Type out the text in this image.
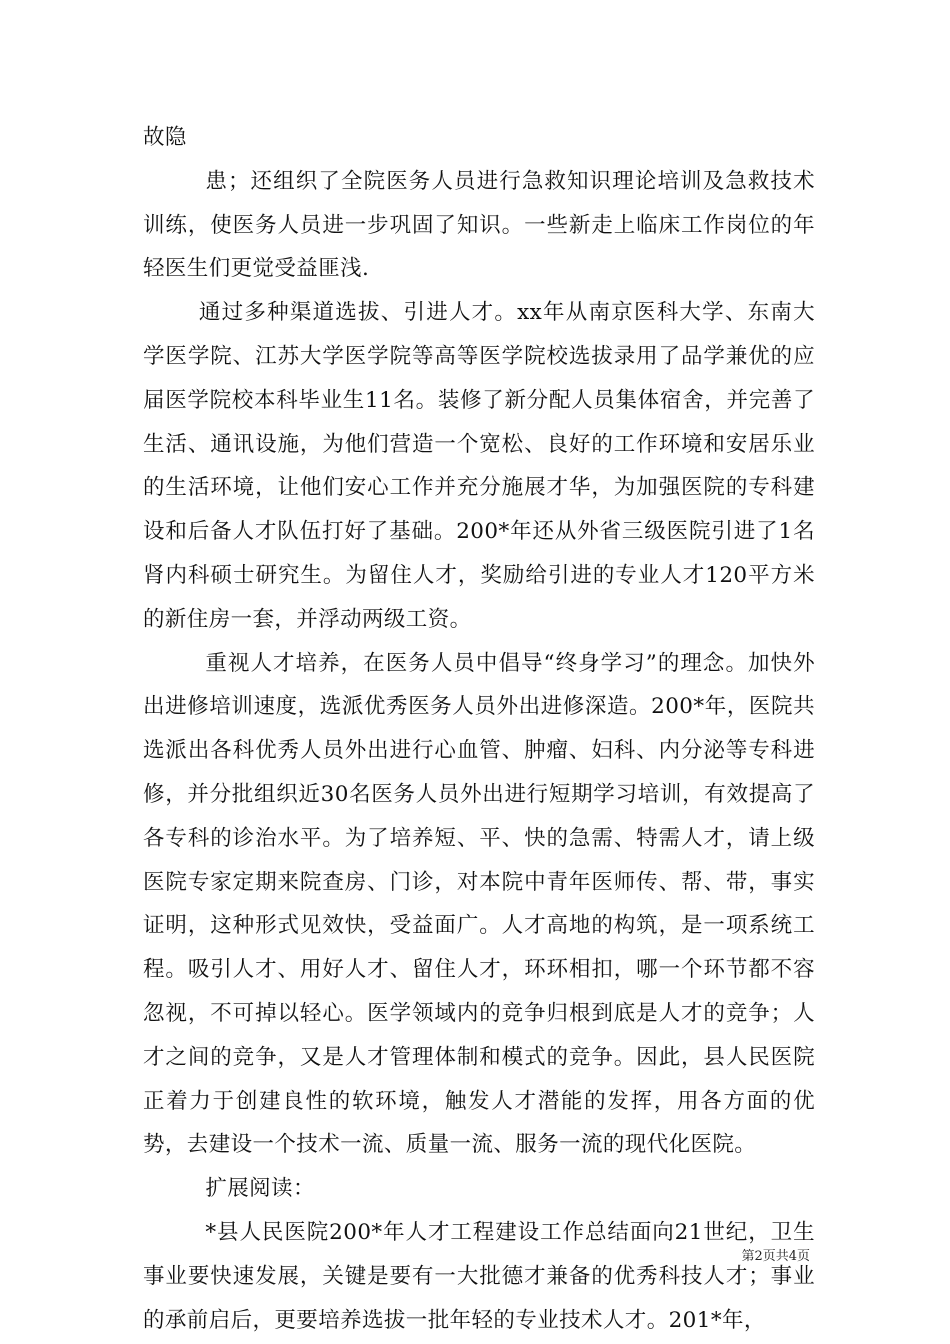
故隐

患；还组织了全院医务人员进行急救知识理论培训及急救技术训练，使医务人员进一步巩固了知识。一些新走上临床工作岗位的年轻医生们更觉受益匪浅.

通过多种渠道选拔、引进人才。xx年从南京医科大学、东南大学医学院、江苏大学医学院等高等医学院校选拔录用了品学兼优的应届医学院校本科毕业生11名。装修了新分配人员集体宿舍，并完善了生活、通讯设施，为他们营造一个宽松、良好的工作环境和安居乐业的生活环境，让他们安心工作并充分施展才华，为加强医院的专科建设和后备人才队伍打好了基础。200*年还从外省三级医院引进了1名肾内科硕士研究生。为留住人才，奖励给引进的专业人才120平方米的新住房一套，并浮动两级工资。

重视人才培养，在医务人员中倡导“终身学习”的理念。加快外出进修培训速度，选派优秀医务人员外出进修深造。200*年，医院共选派出各科优秀人员外出进行心血管、肿瘤、妇科、内分泌等专科进修，并分批组织近30名医务人员外出进行短期学习培训，有效提高了各专科的诊治水平。为了培养短、平、快的急需、特需人才，请上级医院专家定期来院查房、门诊，对本院中青年医师传、帮、带，事实证明，这种形式见效快，受益面广。人才高地的构筑，是一项系统工程。吸引人才、用好人才、留住人才，环环相扣，哪一个环节都不容忽视，不可掉以轻心。医学领域内的竞争归根到底是人才的竞争；人才之间的竞争，又是人才管理体制和模式的竞争。因此，县人民医院正着力于创建良性的软环境，触发人才潜能的发挥，用各方面的优势，去建设一个技术一流、质量一流、服务一流的现代化医院。

扩展阅读：

*县人民医院200*年人才工程建设工作总结面向21世纪，卫生事业要快速发展，关键是要有一大批德才兼备的优秀科技人才；事业的承前启后，更要培养选拔一批年轻的专业技术人才。201*年，

第2页共4页
